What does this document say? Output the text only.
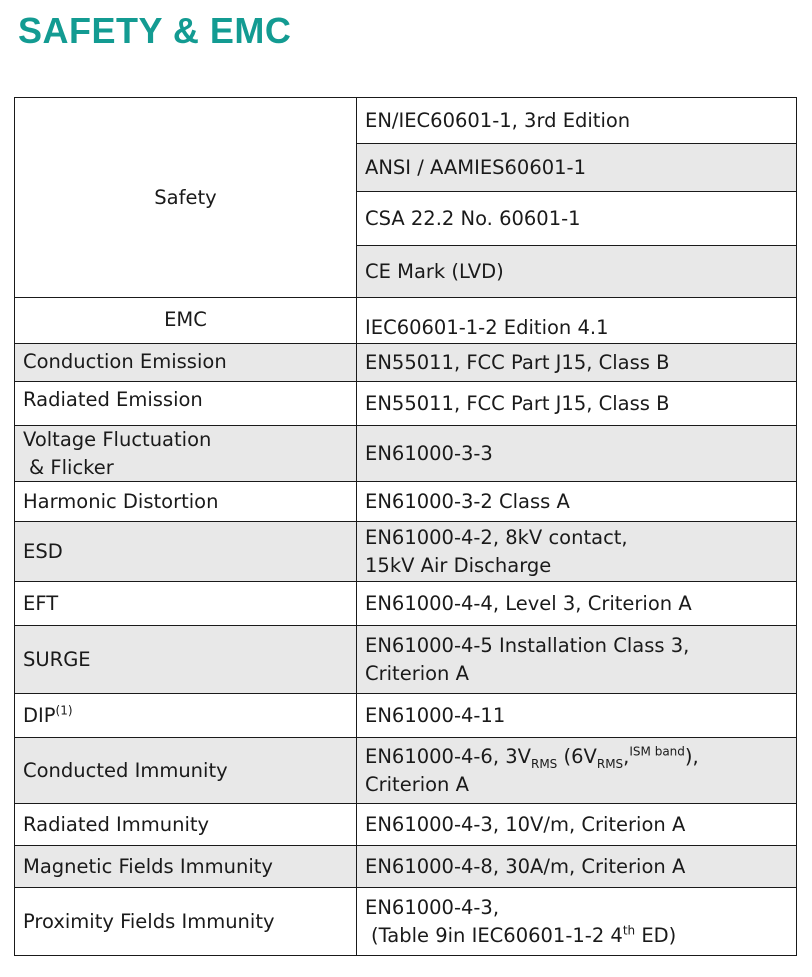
SAFETY & EMC
Safety	EN/IEC60601-1, 3rd Edition
	ANSI / AAMIES60601-1
	CSA 22.2 No. 60601-1
	CE Mark (LVD)
EMC	IEC60601-1-2 Edition 4.1
Conduction Emission	EN55011, FCC Part J15, Class B
Radiated Emission	EN55011, FCC Part J15, Class B

Voltage Fluctuation
& Flicker	EN61000-3-3
Harmonic Distortion	EN61000-3-2 Class A
ESD	EN61000-4-2, 8kV contact,
15kV Air Discharge

EFT	EN61000-4-4, Level 3, Criterion A
SURGE	EN61000-4-5 Installation Class 3,
Criterion A

DIP$^{(1)}$	EN61000-4-11
Conducted Immunity	EN61000-4-6, $3V_{RMS}$ $(6V_{RMS},^{ISM band})$,
Criterion A

Radiated Immunity	EN61000-4-3, 10V/m, Criterion A
Magnetic Fields Immunity	EN61000-4-8, 30A/m, Criterion A
Proximity Fields Immunity	EN61000-4-3,
(Table 9in IEC60601-1-2 4th ED)
